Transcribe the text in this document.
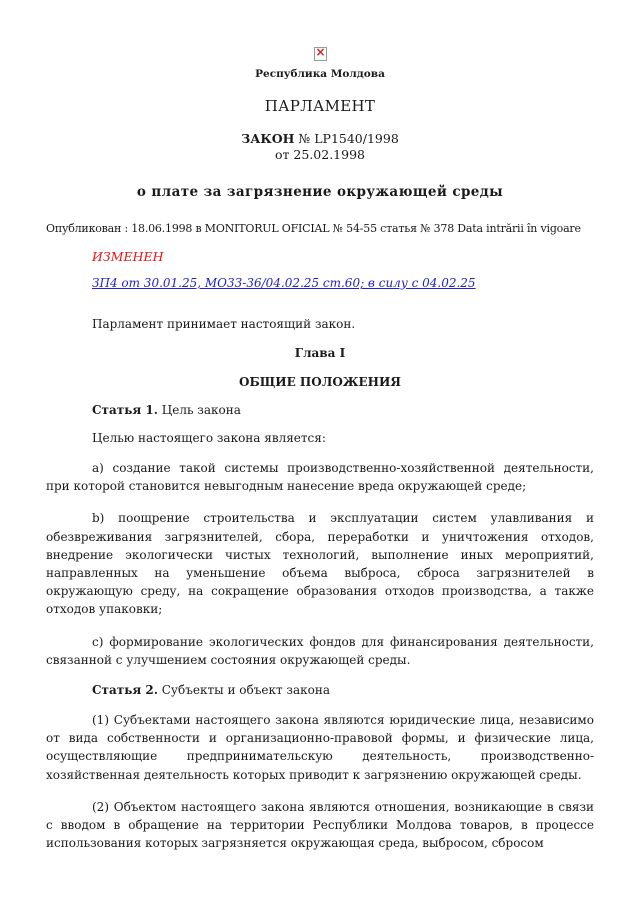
×
Республика Молдова
ПАРЛАМЕНТ
ЗАКОН № LP1540/1998
от 25.02.1998
о плате за загрязнение окружающей среды
Опубликован : 18.06.1998 в MONITORUL OFICIAL № 54-55 статья № 378 Data intrării în vigoare
ИЗМЕНЕН
ЗП4 от 30.01.25, МО33-36/04.02.25 ст.60; в силу с 04.02.25
Парламент принимает настоящий закон.
Глава I
ОБЩИЕ ПОЛОЖЕНИЯ
Статья 1. Цель закона
Целью настоящего закона является:

a) создание такой системы производственно-хозяйственной деятельности, при которой становится невыгодным нанесение вреда окружающей среде;

b) поощрение строительства и эксплуатации систем улавливания и обезвреживания загрязнителей, сбора, переработки и уничтожения отходов, внедрение экологически чистых технологий, выполнение иных мероприятий, направленных на уменьшение объема выброса, сброса загрязнителей в окружающую среду, на сокращение образования отходов производства, а также отходов упаковки;

c) формирование экологических фондов для финансирования деятельности, связанной с улучшением состояния окружающей среды.

Статья 2. Субъекты и объект закона

(1) Субъектами настоящего закона являются юридические лица, независимо от вида собственности и организационно-правовой формы, и физические лица, осуществляющие предпринимательскую деятельность, производственно-хозяйственная деятельность которых приводит к загрязнению окружающей среды.

(2) Объектом настоящего закона являются отношения, возникающие в связи с вводом в обращение на территории Республики Молдова товаров, в процессе использования которых загрязняется окружающая среда, выбросом, сбросом
